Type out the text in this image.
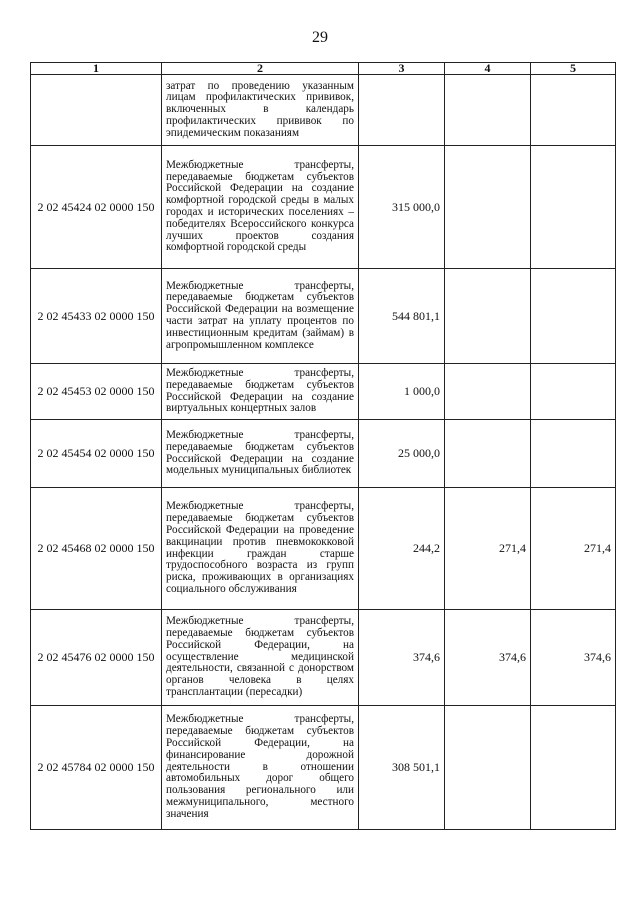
29
1	2	3	4	5
	затрат по проведению указанным лицам профилактических прививок, включенных в календарь профилактических прививок по эпидемическим показаниям			
2 02 45424 02 0000 150	Межбюджетные трансферты, передаваемые бюджетам субъектов Российской Федерации на создание комфортной городской среды в малых городах и исторических поселениях – победителях Всероссийского конкурса лучших проектов создания комфортной городской среды	315 000,0		
2 02 45433 02 0000 150	Межбюджетные трансферты, передаваемые бюджетам субъектов Российской Федерации на возмещение части затрат на уплату процентов по инвестиционным кредитам (займам) в агропромышленном комплексе	544 801,1		
2 02 45453 02 0000 150	Межбюджетные трансферты, передаваемые бюджетам субъектов Российской Федерации на создание виртуальных концертных залов	1 000,0		
2 02 45454 02 0000 150	Межбюджетные трансферты, передаваемые бюджетам субъектов Российской Федерации на создание модельных муниципальных библиотек	25 000,0		
2 02 45468 02 0000 150	Межбюджетные трансферты, передаваемые бюджетам субъектов Российской Федерации на проведение вакцинации против пневмококковой инфекции граждан старше трудоспособного возраста из групп риска, проживающих в организациях социального обслуживания	244,2	271,4	271,4
2 02 45476 02 0000 150	Межбюджетные трансферты, передаваемые бюджетам субъектов Российской Федерации, на осуществление медицинской деятельности, связанной с донорством органов человека в целях трансплантации (пересадки)	374,6	374,6	374,6
2 02 45784 02 0000 150	Межбюджетные трансферты, передаваемые бюджетам субъектов Российской Федерации, на финансирование дорожной деятельности в отношении автомобильных дорог общего пользования регионального или межмуниципального, местного значения	308 501,1		
